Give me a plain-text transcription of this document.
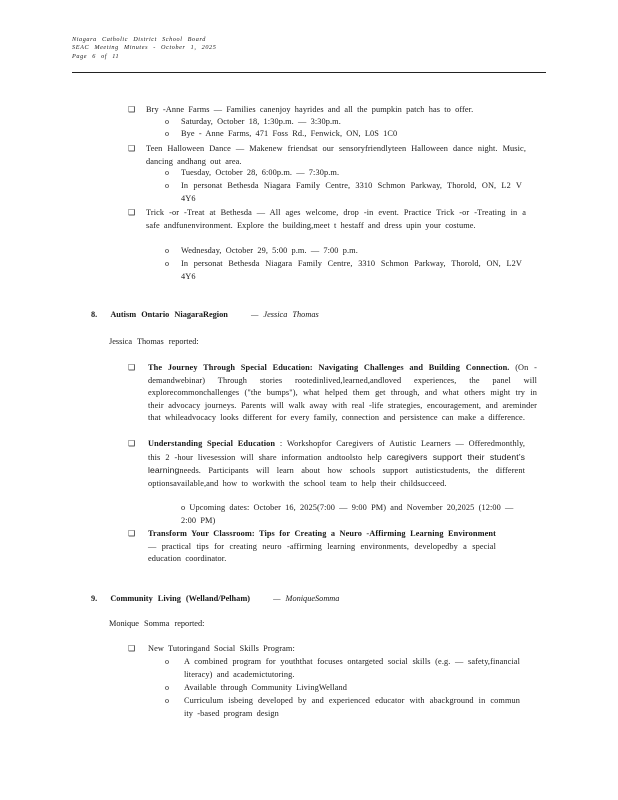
Niagara Catholic District School Board
SEAC Meeting Minutes - October 1, 2025
Page 6 of 11
❑ Bry -Anne Farms — Families canenjoy hayrides and all the pumpkin patch has to offer.
o Saturday, October 18, 1:30p.m. — 3:30p.m.
o Bye - Anne Farms, 471 Foss Rd., Fenwick, ON, L0S 1C0
❑ Teen Halloween Dance — Makenew friendsat our sensoryfriendlyteen Halloween dance night. Music, dancing andhang out area.
o Tuesday, October 28, 6:00p.m. — 7:30p.m.
o In personat Bethesda Niagara Family Centre, 3310 Schmon Parkway, Thorold, ON, L2 V 4Y6
❑ Trick -or -Treat at Bethesda — All ages welcome, drop -in event. Practice Trick -or -Treating in a safe andfunenvironment. Explore the building,meet t hestaff and dress upin your costume.
o Wednesday, October 29, 5:00 p.m. — 7:00 p.m.
o In personat Bethesda Niagara Family Centre, 3310 Schmon Parkway, Thorold, ON, L2V 4Y6
8. Autism Ontario NiagaraRegion	— Jessica Thomas
Jessica Thomas reported:
❑ The Journey Through Special Education: Navigating Challenges and Building Connection. (On -demandwebinar) Through stories rootedinlived,learned,andloved experiences, the panel will explorecommonchallenges ("the bumps"), what helped them get through, and what others might try in their advocacy journeys. Parents will walk away with real -life strategies, encouragement, and areminder that whileadvocacy looks different for every family, connection and persistence can make a difference.
❑ Understanding Special Education : Workshopfor Caregivers of Autistic Learners — Offeredmonthly, this 2 -hour livesession will share information andtoolsto help caregivers support their student’s learningneeds. Participants will learn about how schools support autisticstudents, the different optionsavailable,and how to workwith the school team to help their childsucceed.
o Upcoming dates: October 16, 2025(7:00 — 9:00 PM) and November 20,2025 (12:00 — 2:00 PM)
❑ Transform Your Classroom: Tips for Creating a Neuro -Affirming Learning Environment — practical tips for creating neuro -affirming learning environments, developedby a special education coordinator.
9. Community Living (Welland/Pelham)	— MoniqueSomma
Monique Somma reported:
❑ New Tutoringand Social Skills Program:
o A combined program for youththat focuses ontargeted social skills (e.g. — safety,financial literacy) and academictutoring.
o Available through Community LivingWelland
o Curriculum isbeing developed by and experienced educator with abackground in commun ity -based program design
